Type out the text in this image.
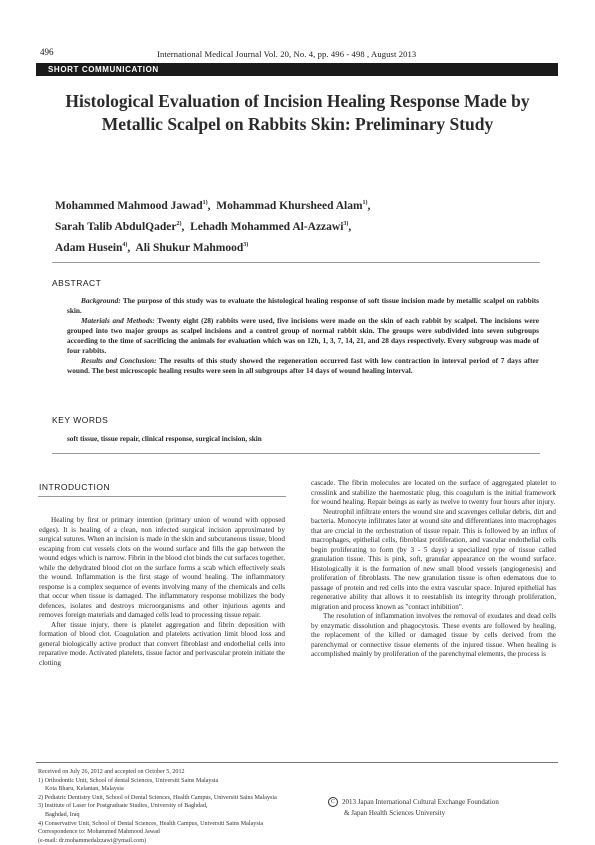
496	International Medical Journal Vol. 20, No. 4, pp. 496 - 498 , August 2013
SHORT COMMUNICATION
Histological Evaluation of Incision Healing Response Made by
Metallic Scalpel on Rabbits Skin: Preliminary Study
Mohammed Mahmood Jawad$^{1)}$,  Mohammad Khursheed Alam$^{1)}$,
Sarah Talib AbdulQader$^{2)}$,  Lehadh Mohammed Al-Azzawi$^{3)}$,
Adam Husein$^{4)}$,  Ali Shukur Mahmood$^{3)}$
ABSTRACT

Background: The purpose of this study was to evaluate the histological healing response of soft tissue incision made by metallic scalpel on rabbits skin.

Materials and Methods: Twenty eight (28) rabbits were used, five incisions were made on the skin of each rabbit by scalpel. The incisions were grouped into two major groups as scalpel incisions and a control group of normal rabbit skin. The groups were subdivided into seven subgroups according to the time of sacrificing the animals for evaluation which was on 12h, 1, 3, 7, 14, 21, and 28 days respectively. Every subgroup was made of four rabbits.

Results and Conclusion: The results of this study showed the regeneration occurred fast with low contraction in interval period of 7 days after wound. The best microscopic healing results were seen in all subgroups after 14 days of wound healing interval.

KEY WORDS
soft tissue, tissue repair, clinical response, surgical incision, skin
INTRODUCTION

Healing by first or primary intention (primary union of wound with opposed edges). It is healing of a clean, non infected surgical incision approximated by surgical sutures. When an incision is made in the skin and subcutaneous tissue, blood escaping from cut vessels clots on the wound surface and fills the gap between the wound edges which is narrow. Fibrin in the blood clot binds the cut surfaces together, while the dehydrated blood clot on the surface forms a scab which effectively seals the wound. Inflammation is the first stage of wound healing. The inflammatory response is a complex sequence of events involving many of the chemicals and cells that occur when tissue is damaged. The inflammatory response mobilizes the body defences, isolates and destroys microorganisms and other injurious agents and removes foreign materials and damaged cells lead to processing tissue repair.

After tissue injury, there is platelet aggregation and fibrin deposition with formation of blood clot. Coagulation and platelets activation limit blood loss and general biologically active product that convert fibroblast and endothelial cells into reparative mode. Activated platelets, tissue factor and perivascular protein initiate the clotting

cascade. The fibrin molecules are located on the surface of aggregated platelet to crosslink and stabilize the haemostatic plug, this coagulum is the initial framework for wound healing. Repair beings as early as twelve to twenty four hours after injury.

Neutrophil infiltrate enters the wound site and scavenges cellular debris, dirt and bacteria. Monocyte infiltrates later at wound site and differentiates into macrophages that are crucial in the orchestration of tissue repair. This is followed by an influx of macrophages, epithelial cells, fibroblast proliferation, and vascular endothelial cells begin proliferating to form (by 3 - 5 days) a specialized type of tissue called granulation tissue. This is pink, soft, granular appearance on the wound surface. Histologically it is the formation of new small blood vessels (angiogenesis) and proliferation of fibroblasts. The new granulation tissue is often edematous due to passage of protein and red cells into the extra vascular space. Injured epithelial has regenerative ability that allows it to reestablish its integrity through proliferation, migration and process known as "contact inhibition".

The resolution of inflammation involves the removal of exudates and dead cells by enzymatic dissolution and phagocytosis. These events are followed by healing, the replacement of the killed or damaged tissue by cells derived from the parenchymal or connective tissue elements of the injured tissue. When healing is accomplished mainly by proliferation of the parenchymal elements, the process is

Received on July 26, 2012 and accepted on October 5, 2012
1) Orthodontic Unit, School of dental Sciences, Universiti Sains Malaysia
Kota Bharu, Kelantan, Malaysia
2) Pediatric Dentistry Unit, School of Dental Sciences, Health Campus, Universiti Sains Malaysia
3) Institute of Laser for Postgraduate Studies, University of Baghdad,
Baghdad, Iraq
4) Conservative Unit, School of Dental Sciences, Health Campus, Universiti Sains Malaysia
Correspondence to: Mohammed Mahmood Jawad
(e-mail: dr.mohammedalzzawi@ymail.com)
C 2013 Japan International Cultural Exchange Foundation
& Japan Health Sciences University
